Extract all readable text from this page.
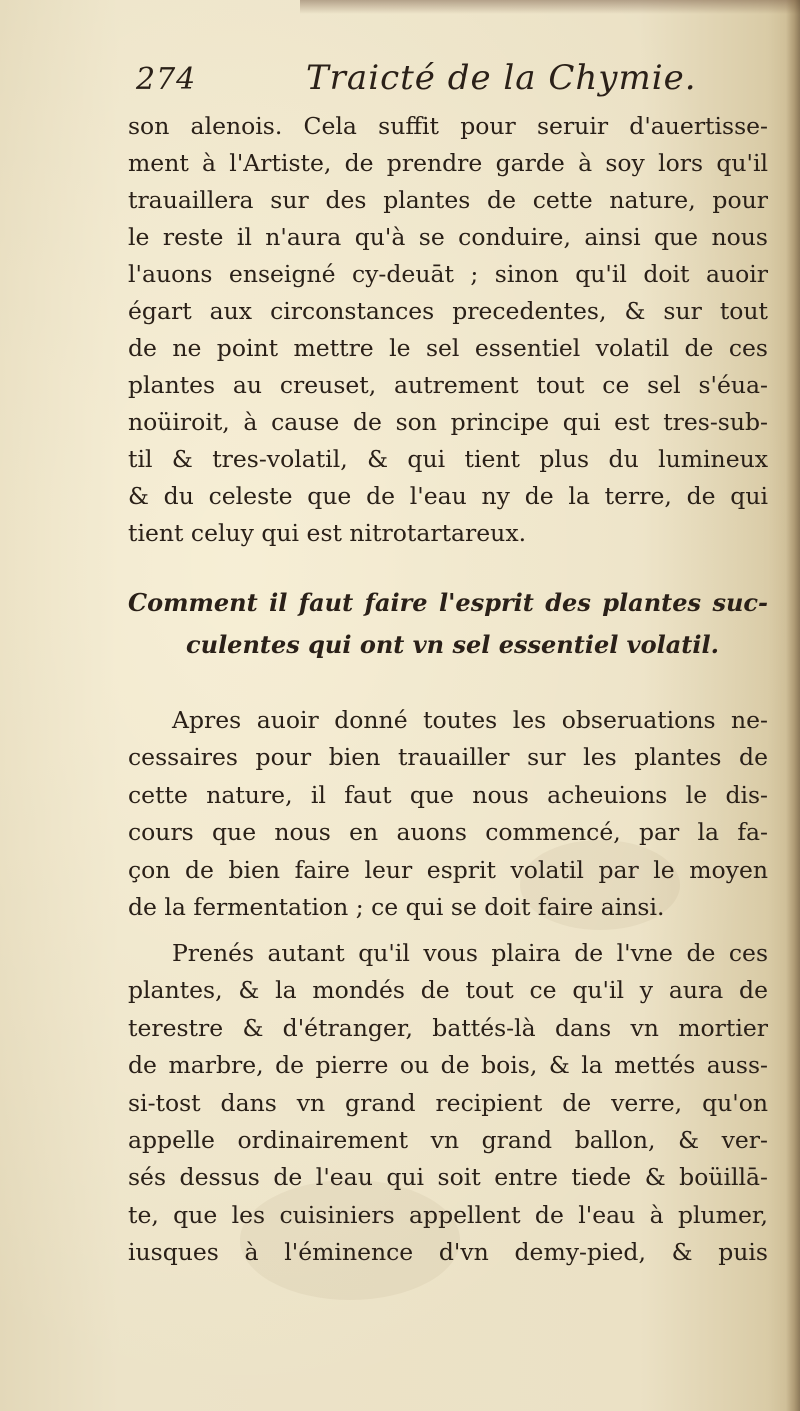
274	Traicté de la Chymie.
son alenois. Cela suffit pour seruir d'auertisse-
ment à l'Artiste, de prendre garde à soy lors qu'il
trauaillera sur des plantes de cette nature, pour
le reste il n'aura qu'à se conduire, ainsi que nous
l'auons enseigné cy-deuāt ; sinon qu'il doit auoir
égart aux circonstances precedentes, & sur tout
de ne point mettre le sel essentiel volatil de ces
plantes au creuset, autrement tout ce sel s'éua-
noüiroit, à cause de son principe qui est tres-sub-
til & tres-volatil, & qui tient plus du lumineux
& du celeste que de l'eau ny de la terre, de qui
tient celuy qui est nitrotartareux.
Comment il faut faire l'esprit des plantes suc-
culentes qui ont vn sel essentiel volatil.
Apres auoir donné toutes les obseruations ne-
cessaires pour bien trauailler sur les plantes de
cette nature, il faut que nous acheuions le dis-
cours que nous en auons commencé, par la fa-
çon de bien faire leur esprit volatil par le moyen
de la fermentation ; ce qui se doit faire ainsi.
Prenés autant qu'il vous plaira de l'vne de ces
plantes, & la mondés de tout ce qu'il y aura de
terestre & d'étranger, battés-là dans vn mortier
de marbre, de pierre ou de bois, & la mettés auss-
si-tost dans vn grand recipient de verre, qu'on
appelle ordinairement vn grand ballon, & ver-
sés dessus de l'eau qui soit entre tiede & boüillā-
te, que les cuisiniers appellent de l'eau à plumer,
iusques à l'éminence d'vn demy-pied, & puis
